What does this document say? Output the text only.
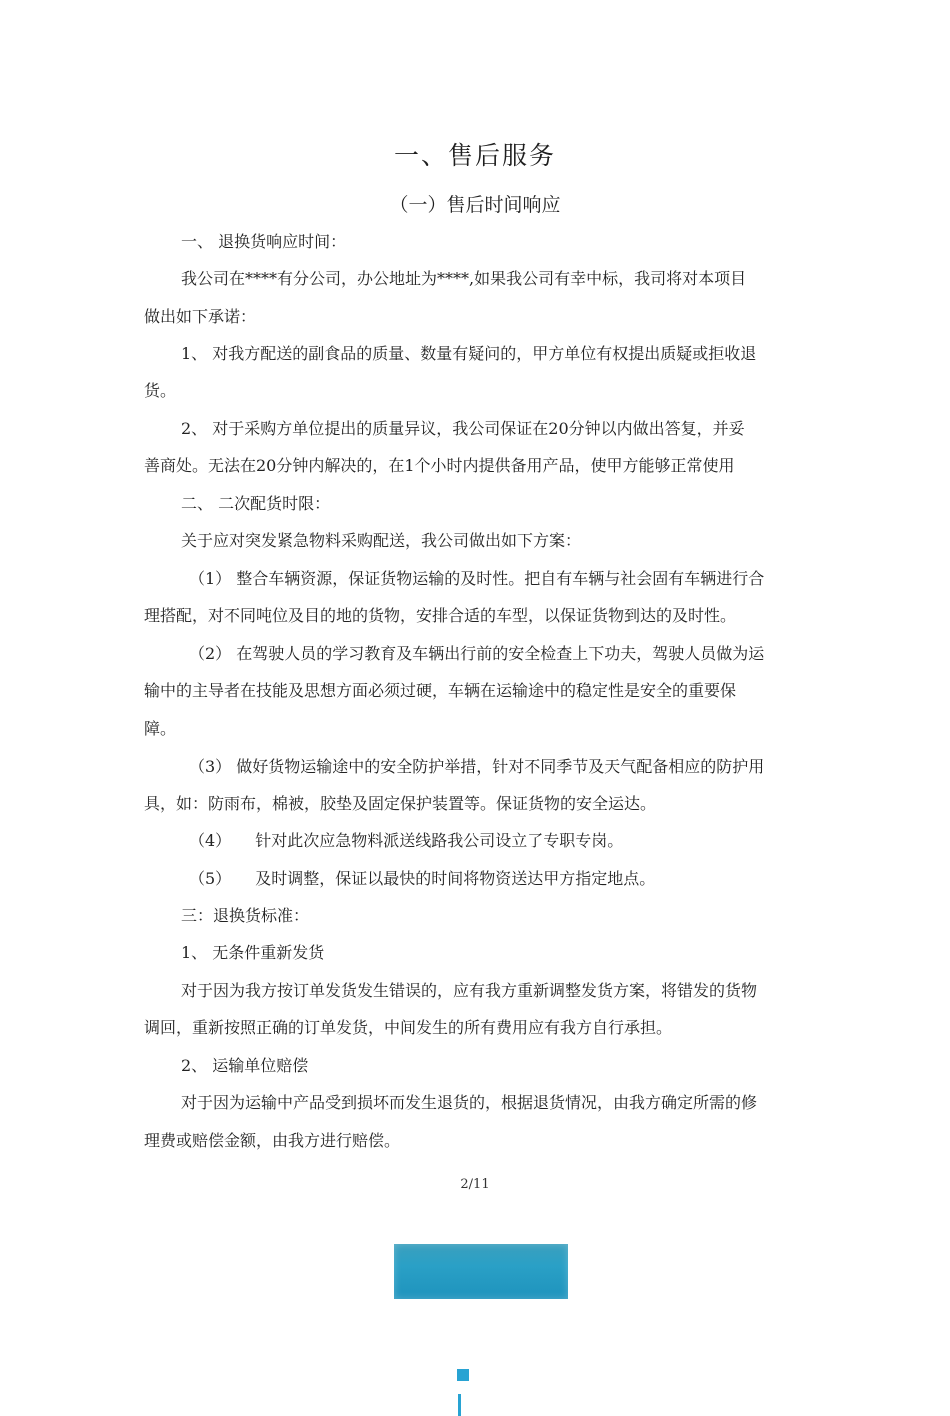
一、售后服务
（一）售后时间响应
一、 退换货响应时间：
我公司在****有分公司，办公地址为****,如果我公司有幸中标，我司将对本项目
做出如下承诺：
1、 对我方配送的副食品的质量、数量有疑问的，甲方单位有权提出质疑或拒收退
货。
2、 对于采购方单位提出的质量异议，我公司保证在20分钟以内做出答复，并妥
善商处。无法在20分钟内解决的，在1个小时内提供备用产品，使甲方能够正常使用
二、 二次配货时限：
关于应对突发紧急物料采购配送，我公司做出如下方案：
（1） 整合车辆资源，保证货物运输的及时性。把自有车辆与社会固有车辆进行合
理搭配，对不同吨位及目的地的货物，安排合适的车型，以保证货物到达的及时性。
（2） 在驾驶人员的学习教育及车辆出行前的安全检查上下功夫，驾驶人员做为运
输中的主导者在技能及思想方面必须过硬，车辆在运输途中的稳定性是安全的重要保
障。
（3） 做好货物运输途中的安全防护举措，针对不同季节及天气配备相应的防护用
具，如：防雨布，棉被，胶垫及固定保护装置等。保证货物的安全运达。
（4） 针对此次应急物料派送线路我公司设立了专职专岗。
（5） 及时调整，保证以最快的时间将物资送达甲方指定地点。
三：退换货标准：
1、 无条件重新发货
对于因为我方按订单发货发生错误的，应有我方重新调整发货方案，将错发的货物
调回，重新按照正确的订单发货，中间发生的所有费用应有我方自行承担。
2、 运输单位赔偿
对于因为运输中产品受到损坏而发生退货的，根据退货情况，由我方确定所需的修
理费或赔偿金额，由我方进行赔偿。
2/11
